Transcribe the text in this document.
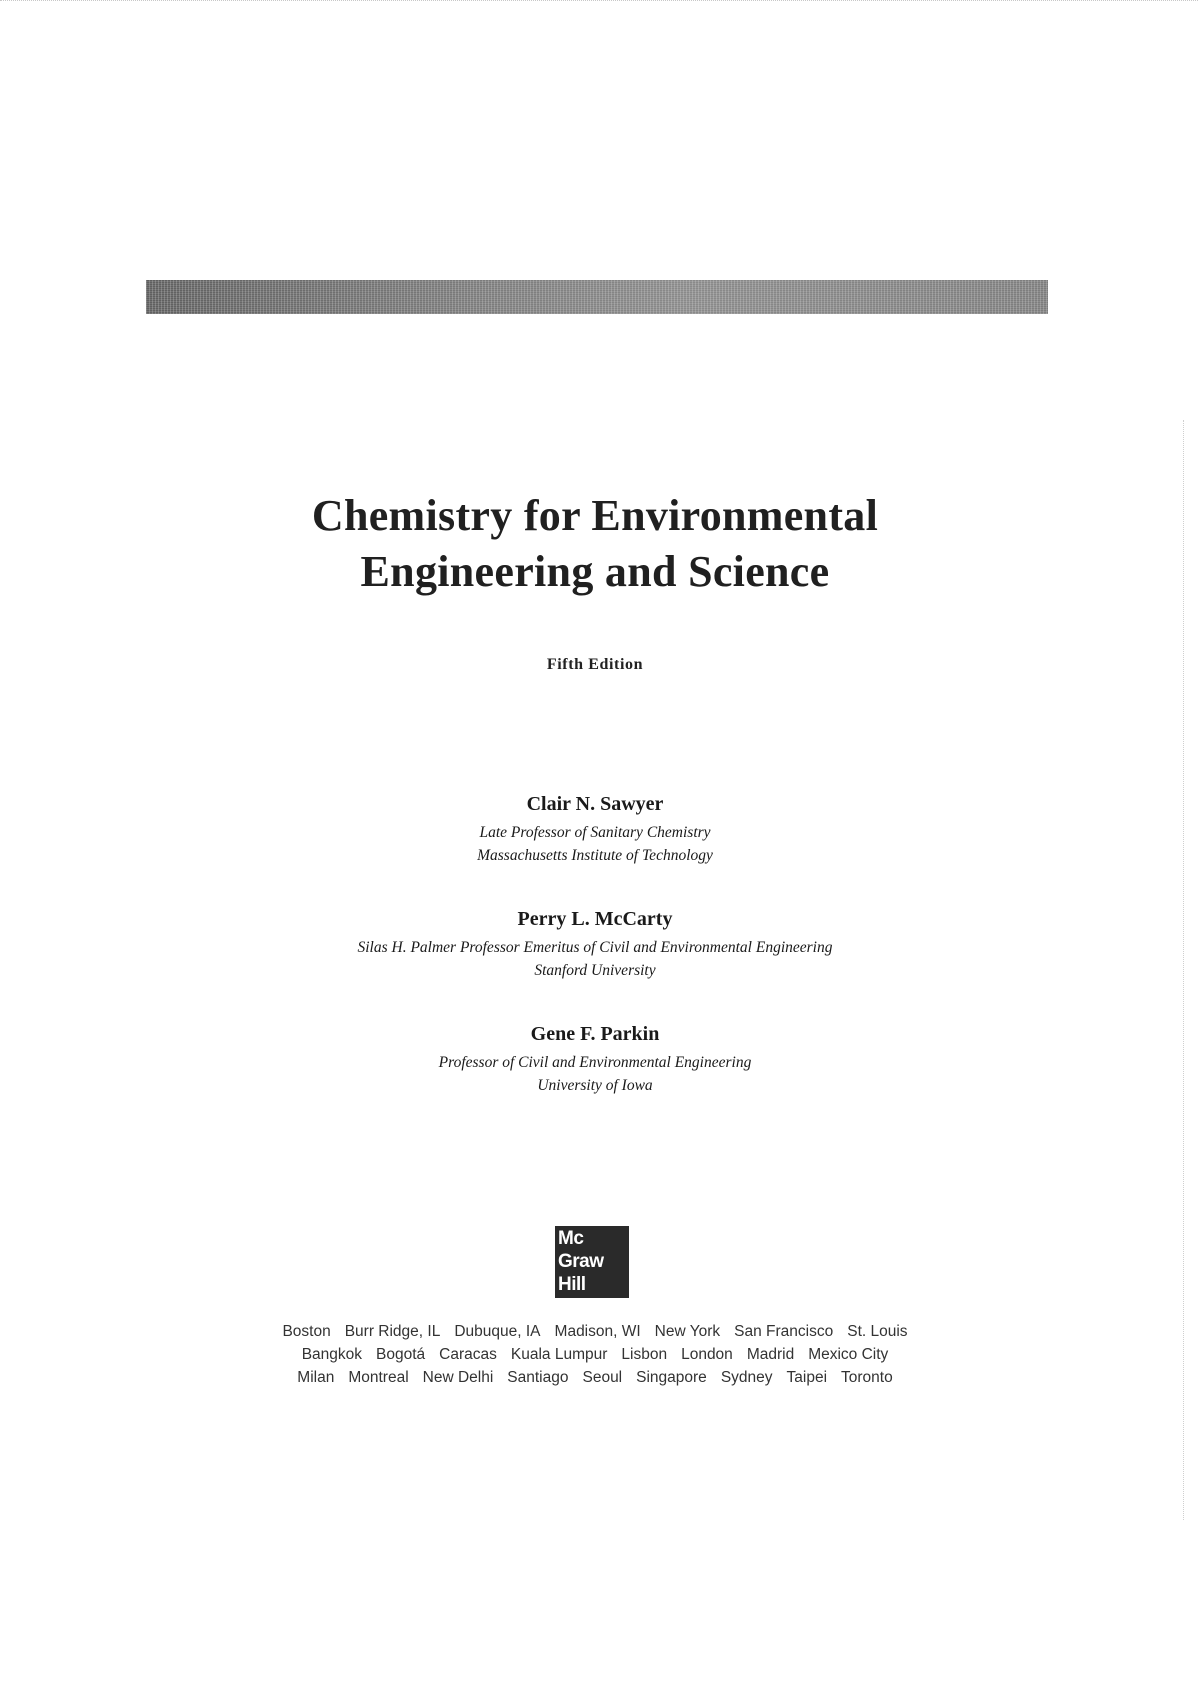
Chemistry for Environmental
Engineering and Science
Fifth Edition
Clair N. Sawyer
Late Professor of Sanitary Chemistry
Massachusetts Institute of Technology
Perry L. McCarty
Silas H. Palmer Professor Emeritus of Civil and Environmental Engineering
Stanford University
Gene F. Parkin
Professor of Civil and Environmental Engineering
University of Iowa
Mc
Graw
Hill
Boston Burr Ridge, IL Dubuque, IA Madison, WI New York San Francisco St. Louis
Bangkok Bogotá Caracas Kuala Lumpur Lisbon London Madrid Mexico City
Milan Montreal New Delhi Santiago Seoul Singapore Sydney Taipei Toronto
